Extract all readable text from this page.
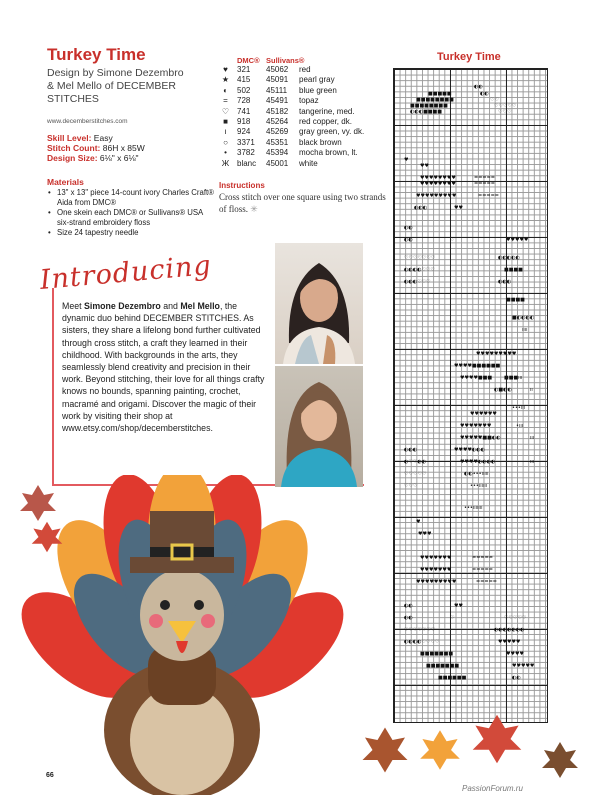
Turkey Time
Design by Simone Dezembro
& Mel Mello of DECEMBER
STITCHES
www.decemberstitches.com
Skill Level: Easy
Stitch Count: 86H x 85W
Design Size: 6⅛" x 6⅛"
Materials
• 13" x 13" piece 14-count ivory Charles Craft® Aida from DMC®
• One skein each DMC® or Sullivans® USA six-strand embroidery floss
• Size 24 tapestry needle
DMC® Sullivans®
♥	321	45062	red
★ 415	45091	pearl gray
◐	502	45111	blue green
=	728	45491	topaz
♡ 741	45182	tangerine, med.
■	918	45264	red copper, dk.
ı	924	45269	gray green, vy. dk.
○	3371	45351	black brown
•	3782	45394	mocha brown, lt.
Ж blanc	45001	white
Instructions
Cross stitch over one square using two strands of floss. ✳
Introducing
Meet Simone Dezembro and Mel Mello, the dynamic duo behind DECEMBER STITCHES. As sisters, they share a lifelong bond further cultivated through cross stitch, a craft they learned in their childhood. With backgrounds in the arts, they seamlessly blend creativity and precision in their work. Beyond stitching, their love for all things crafty knows no bounds, spanning painting, crochet, macramé and origami. Discover the magic of their work by visiting their shop at www.etsy.com/shop/decemberstitches.
Turkey Time
◐◐
■■■■■	◐◐
■■■■■■■■	♡♡
■■■■■■■■	♡♡♡♡♡
◐◐◐■■■■	♡♡♡
♥
♥♥
♥♥♥♥♥♥♥♥	=====
♥♥♥♥♥♥♥♥	=====
♥♥♥♥♥♥♥♥♥	=====
◐◐◐	♥♥
◐◐
◐◐	♡	♥♥♥♥♥
♡♡♡♡♡♡♡	◐◐◐◐◐
◐◐◐◐♡♡♡	■■■■
◐◐◐♡♡♡	◐◐◐
■■■■
■◐◐◐◐
ıııı
♥♥♥♥♥♥♥♥♥
♥♥♥♥■■■■■■
♥♥♥♥■■■ ■■■ııı
◐■◐◐	ıı
•••ııı
♥♥♥♥♥♥
♥♥♥♥♥♥♥	•ııı
♥♥♥♥♥■■◐◐	ııı
◐◐◐	♥♥♥♥◐◐◐
◐♡♡◐◐	♥♥♥♥◐◐◐◐	ııı
♡♡♡♡♡	◐◐•••ııııı
♡♡♡	•••ıııııı
•••ııııııı
♥
♥♥♥
♥♥♥♥♥♥♥	=====
♥♥♥♥♥♥♥	=====
♥♥♥♥♥♥♥♥♥	=====
◐◐	♥♥
◐◐	♡	♡♡♡♡♡
♡♡♡♡♡♡♡	◐◐◐◐◐◐◐
◐◐◐◐♡♡♡♡	♥♥♥♥♥
■■■■■■■	♥♥♥♥
■■■■■■■	♥♥♥♥♥
■■■■■■	◐◐
66
PassionForum.ru
